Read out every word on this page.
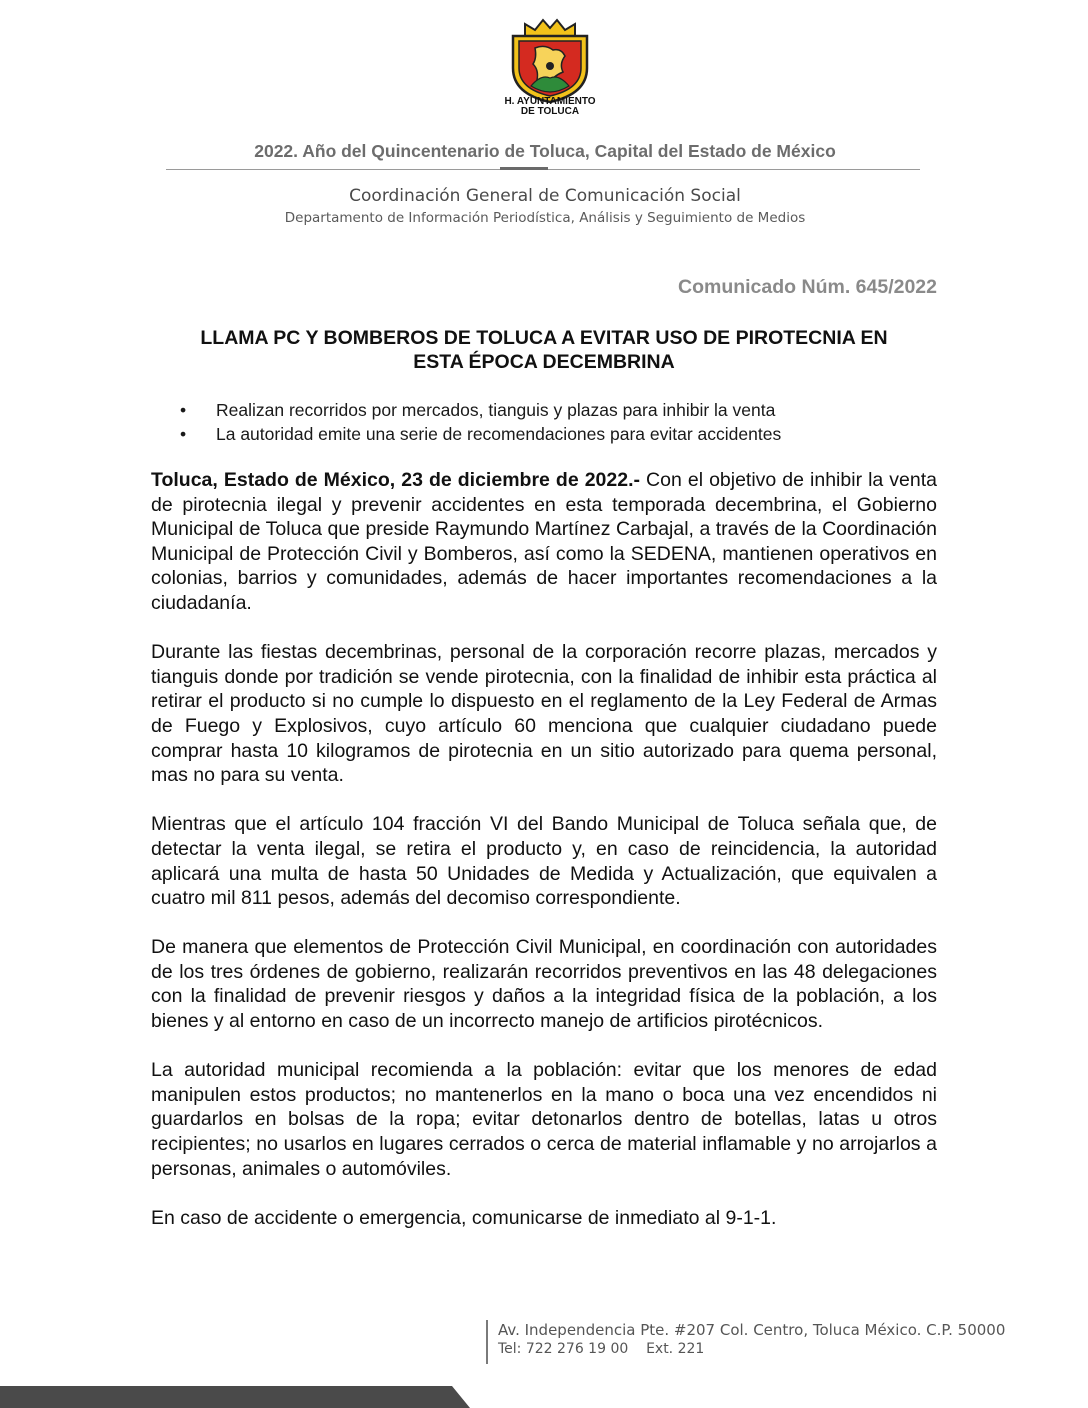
H. AYUNTAMIENTO
DE TOLUCA
2022. Año del Quincentenario de Toluca, Capital del Estado de México
Coordinación General de Comunicación Social
Departamento de Información Periodística, Análisis y Seguimiento de Medios
Comunicado Núm. 645/2022
LLAMA PC Y BOMBEROS DE TOLUCA A EVITAR USO DE PIROTECNIA EN
ESTA ÉPOCA DECEMBRINA
• Realizan recorridos por mercados, tianguis y plazas para inhibir la venta
• La autoridad emite una serie de recomendaciones para evitar accidentes

Toluca, Estado de México, 23 de diciembre de 2022.- Con el objetivo de inhibir la venta de pirotecnia ilegal y prevenir accidentes en esta temporada decembrina, el Gobierno Municipal de Toluca que preside Raymundo Martínez Carbajal, a través de la Coordinación Municipal de Protección Civil y Bomberos, así como la SEDENA, mantienen operativos en colonias, barrios y comunidades, además de hacer importantes recomendaciones a la ciudadanía.

Durante las fiestas decembrinas, personal de la corporación recorre plazas, mercados y tianguis donde por tradición se vende pirotecnia, con la finalidad de inhibir esta práctica al retirar el producto si no cumple lo dispuesto en el reglamento de la Ley Federal de Armas de Fuego y Explosivos, cuyo artículo 60 menciona que cualquier ciudadano puede comprar hasta 10 kilogramos de pirotecnia en un sitio autorizado para quema personal, mas no para su venta.

Mientras que el artículo 104 fracción VI del Bando Municipal de Toluca señala que, de detectar la venta ilegal, se retira el producto y, en caso de reincidencia, la autoridad aplicará una multa de hasta 50 Unidades de Medida y Actualización, que equivalen a cuatro mil 811 pesos, además del decomiso correspondiente.

De manera que elementos de Protección Civil Municipal, en coordinación con autoridades de los tres órdenes de gobierno, realizarán recorridos preventivos en las 48 delegaciones con la finalidad de prevenir riesgos y daños a la integridad física de la población, a los bienes y al entorno en caso de un incorrecto manejo de artificios pirotécnicos.

La autoridad municipal recomienda a la población: evitar que los menores de edad manipulen estos productos; no mantenerlos en la mano o boca una vez encendidos ni guardarlos en bolsas de la ropa; evitar detonarlos dentro de botellas, latas u otros recipientes; no usarlos en lugares cerrados o cerca de material inflamable y no arrojarlos a personas, animales o automóviles.

En caso de accidente o emergencia, comunicarse de inmediato al 9-1-1.

Av. Independencia Pte. #207 Col. Centro, Toluca México. C.P. 50000
Tel: 722 276 19 00    Ext. 221
